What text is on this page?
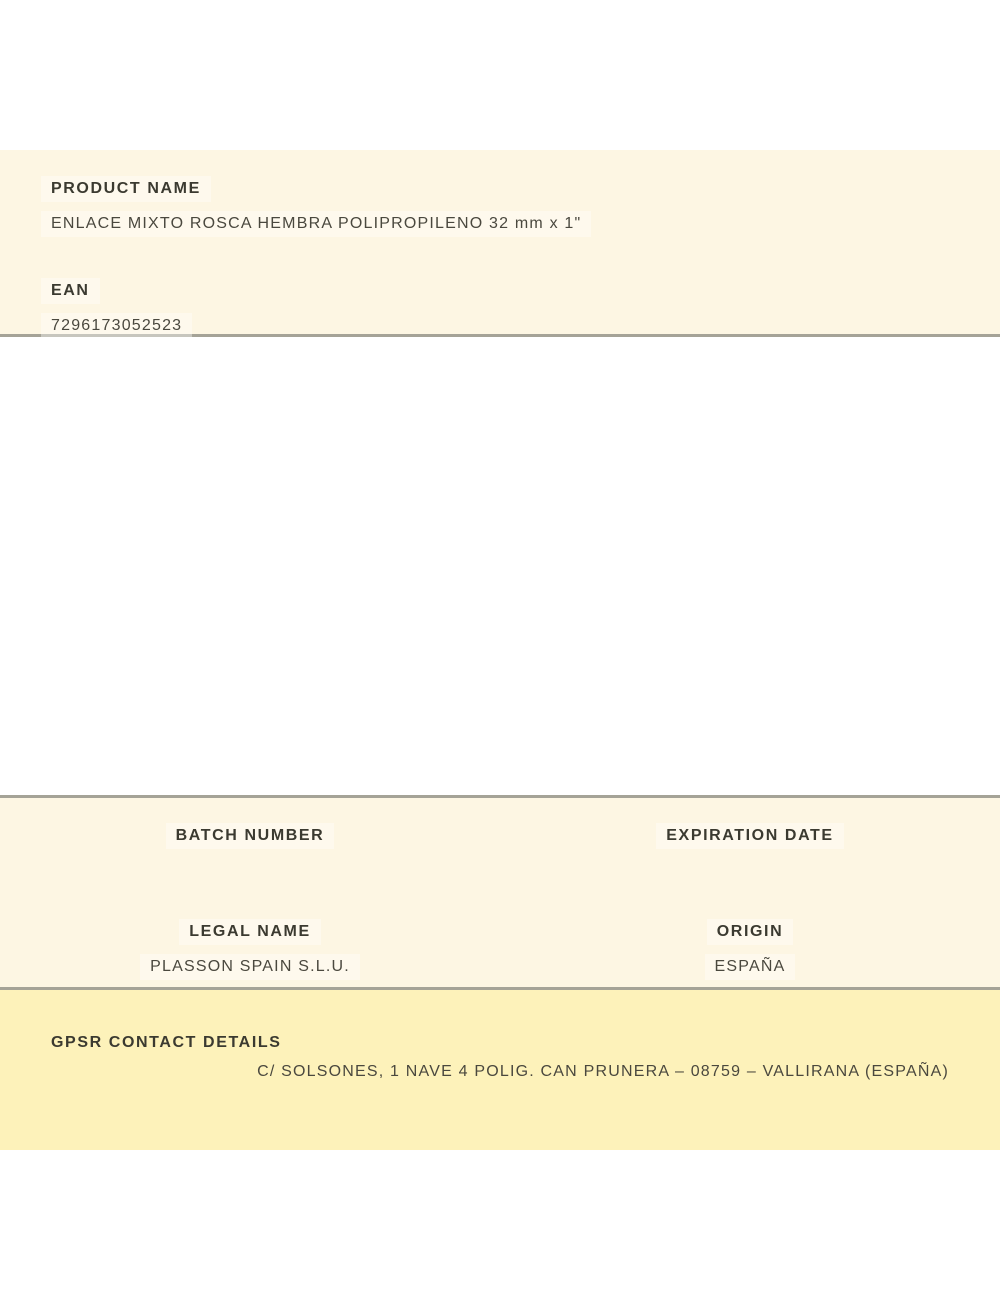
PRODUCT NAME
ENLACE MIXTO ROSCA HEMBRA POLIPROPILENO 32 mm x 1"
EAN
7296173052523
BATCH NUMBER	EXPIRATION DATE
LEGAL NAME	ORIGIN
PLASSON SPAIN S.L.U.	ESPAÑA
GPSR CONTACT DETAILS
C/ SOLSONES, 1 NAVE 4 POLIG. CAN PRUNERA – 08759 – VALLIRANA (ESPAÑA)
